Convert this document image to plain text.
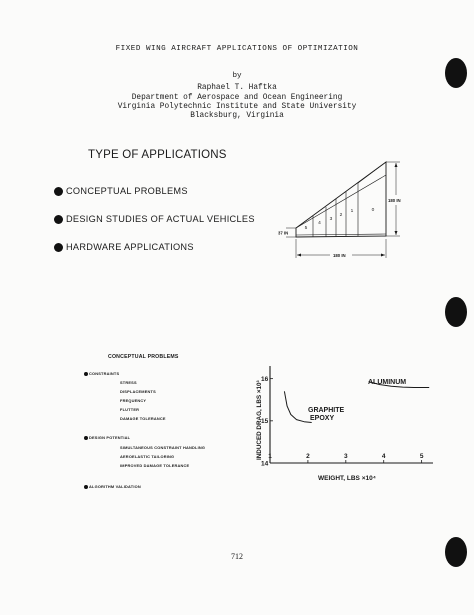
FIXED WING AIRCRAFT APPLICATIONS OF OPTIMIZATION
by
Raphael T. Haftka
Department of Aerospace and Ocean Engineering
Virginia Polytechnic Institute and State University
Blacksburg, Virginia
TYPE OF APPLICATIONS
CONCEPTUAL PROBLEMS
DESIGN STUDIES OF ACTUAL VEHICLES
HARDWARE APPLICATIONS
180 IN
37 IN
180 IN
5
4
3
2
1	0
CONCEPTUAL PROBLEMS
CONSTRAINTS
STRESS
DISPLACEMENTS
FREQUENCY
FLUTTER
DAMAGE TOLERANCE
DESIGN POTENTIAL
SIMULTANEOUS CONSTRAINT HANDLING
AEROELASTIC TAILORING
IMPROVED DAMAGE TOLERANCE
ALGORITHM VALIDATION
1	2	3	4	5
14
15
16
WEIGHT, LBS ×10⁴
INDUCED DRAG, LBS ×10³	ALUMINUM
GRAPHITE
EPOXY
712
